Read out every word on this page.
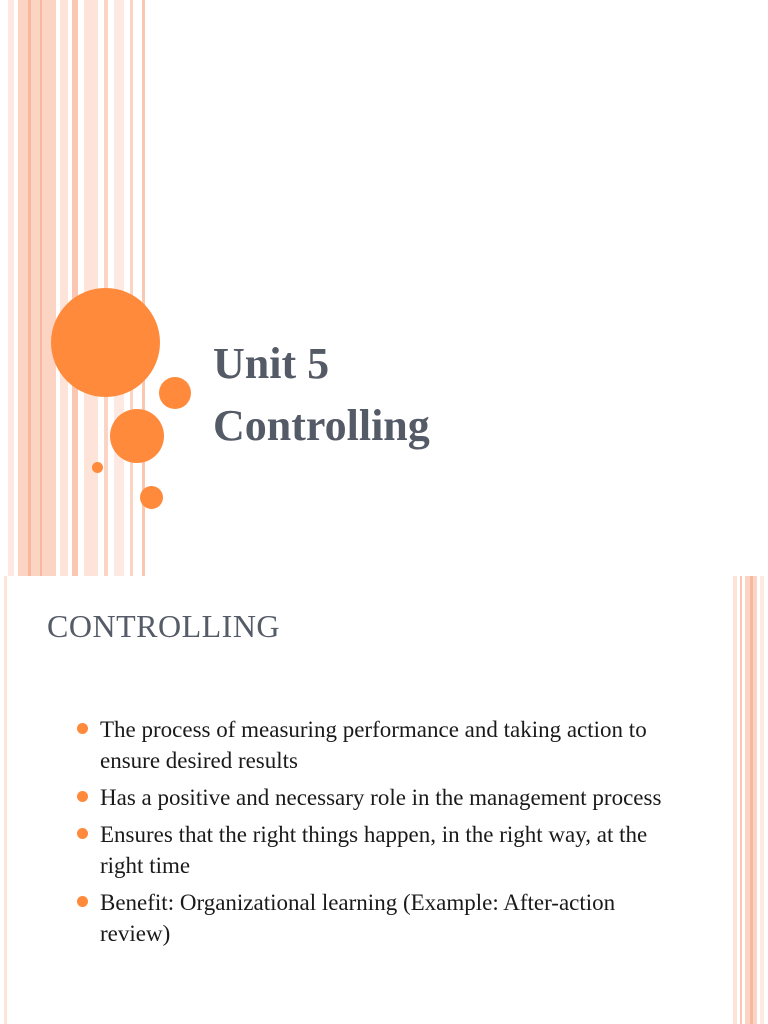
Unit 5
Controlling
CONTROLLING
The process of measuring performance and taking action to ensure desired results
Has a positive and necessary role in the management process
Ensures that the right things happen, in the right way, at the right time
Benefit: Organizational learning (Example: After-action review)
